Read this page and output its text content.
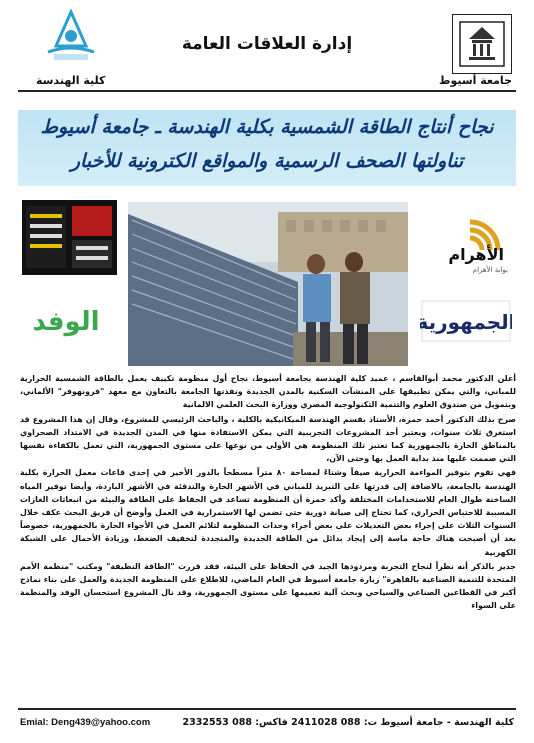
إدارة العلاقات العامة
جامعة أسيوط
كلية الهندسة
نجاح أنتاج الطاقة الشمسية بكلية الهندسة ـ جامعة أسيوط
تناولتها الصحف الرسمية والمواقع الكترونية للأخبار
الأهرام
بوابة الأهرام
الجمهورية
الوفد

أعلن الدكتور محمد أبوالقاسم ، عميد كلية الهندسة بجامعة أسيوط، نجاح أول منظومة تكييف يعمل بالطاقة الشمسية الحرارية للمباني، والتي يمكن تطبيقها على المنشآت السكنية بالمدن الجديدة ونفذتها الجامعة بالتعاون مع معهد "فرونهوفر" الألماني، وبتمويل من صندوق العلوم والتنمية التكنولوجية المصري ووزارة البحث العلمي الالمانية

صرح بذلك الدكتور أحمد حمزة، الأستاذ بقسم الهندسة الميكانيكية بالكلية ، والباحث الرئيسي للمشروع، وقال إن هذا المشروع قد استغرق ثلاث سنوات، ويعتبر أحد المشروعات التجريبية التي يمكن الاستفادة منها في المدن الجديدة في الامتداد الصحراوي بالمناطق الحارة بالجمهورية كما تعتبر تلك المنظومة هي الأولى من نوعها على مستوى الجمهورية، التي تعمل بالكفاءة نفسها التي صممت عليها منذ بداية العمل بها وحتى الآن،

فهي تقوم بتوفير المواءمة الحرارية صيفاً وشتاءً لمساحة ٨٠ متراً مسطحاً بالدور الأخير في إحدى قاعات معمل الحرارة بكلية الهندسة بالجامعة، بالاضافة إلى قدرتها على التبريد للمباني في الأشهر الحارة والتدفئة في الأشهر الباردة، وأيضا توفير المياه الساخنة طوال العام للاستخدامات المختلفة وأكد حمزة أن المنظومة تساعد في الحفاظ على الطاقة والبيئة من انبعاثات الغازات المسببة للاحتباس الحراري، كما تحتاج إلى صيانة دورية حتى تضمن لها الاستمرارية في العمل وأوضح أن فريق البحث عكف خلال السنوات الثلاث على إجراء بعض التعديلات على بعض أجزاء وحدات المنظومة لتلائم العمل في الأجواء الحارة بالجمهورية، خصوصاً بعد أن أصبحت هناك حاجة ماسة إلى إيجاد بدائل من الطاقة الجديدة والمتجددة لتخفيف الضغط، وزيادة الأحمال على الشبكة الكهربية

جدير بالذكر أنه نظراً لنجاح التجربة ومردودها الجيد في الحفاظ على البيئة، فقد قررت "الطاقة النظيفة" ومكتب "منظمة الأمم المتحدة للتنمية الصناعية بالقاهرة" زيارة جامعة أسيوط في العام الماضي، للاطلاع على المنظومة الجديدة والعمل على بناء نماذج أكبر في القطاعين الصناعي والسياحي وبحث آلية تعميمها على مستوى الجمهورية، وقد نال المشروع استحسان الوفد والمنظمة على السواء

Emial: Deng439@yahoo.com	كلية الهندسة - جامعة أسيوط ت: 088 2411028 فاكس: 088 2332553
